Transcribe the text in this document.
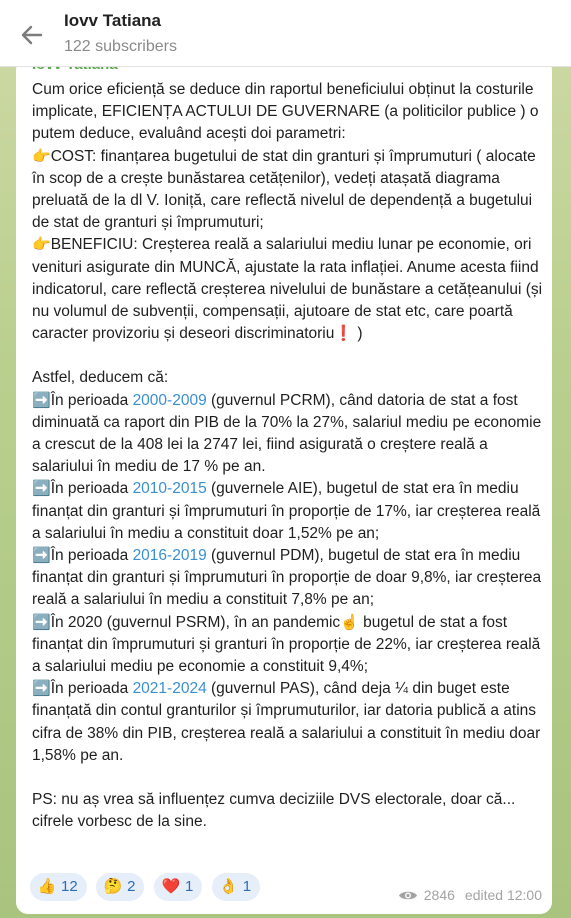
Iovv Tatiana
122 subscribers

Cum orice eficiență se deduce din raportul beneficiului obținut la costurile implicate, EFICIENȚA ACTULUI DE GUVERNARE (a politicilor publice ) o putem deduce, evaluând acești doi parametri:

👉COST: finanțarea bugetului de stat din granturi și împrumuturi ( alocate în scop de a crește bunăstarea cetățenilor), vedeți atașată diagrama preluată de la dl V. Ioniță, care reflectă nivelul de dependență a bugetului de stat de granturi și împrumuturi;

👉BENEFICIU: Creșterea reală a salariului mediu lunar pe economie, ori venituri asigurate din MUNCĂ, ajustate la rata inflației. Anume acesta fiind indicatorul, care reflectă creșterea nivelului de bunăstare a cetățeanului (și nu volumul de subvenții, compensații, ajutoare de stat etc, care poartă caracter provizoriu și deseori discriminatoriu❗ )

Astfel, deducem că:

➡️În perioada 2000-2009 (guvernul PCRM), când datoria de stat a fost diminuată ca raport din PIB de la 70% la 27%, salariul mediu pe economie a crescut de la 408 lei la 2747 lei, fiind asigurată o creștere reală a salariului în mediu de 17 % pe an.

➡️În perioada 2010-2015 (guvernele AIE), bugetul de stat era în mediu finanțat din granturi și împrumuturi în proporție de 17%, iar creșterea reală a salariului în mediu a constituit doar 1,52% pe an;

➡️În perioada 2016-2019 (guvernul PDM), bugetul de stat era în mediu finanțat din granturi și împrumuturi în proporție de doar 9,8%, iar creșterea reală a salariului în mediu a constituit 7,8% pe an;

➡️În 2020 (guvernul PSRM), în an pandemic☝️ bugetul de stat a fost finanțat din împrumuturi și granturi în proporție de 22%, iar creșterea reală a salariului mediu pe economie a constituit 9,4%;

➡️În perioada 2021-2024 (guvernul PAS), când deja ¼ din buget este finanțată din contul granturilor și împrumuturilor, iar datoria publică a atins cifra de 38% din PIB, creșterea reală a salariului a constituit în mediu doar 1,58% pe an.

PS: nu aș vrea să influențez cumva deciziile DVS electorale, doar că... cifrele vorbesc de la sine.

👍 12 🤔 2 ❤️ 1 👌 1	2846 edited 12:00
